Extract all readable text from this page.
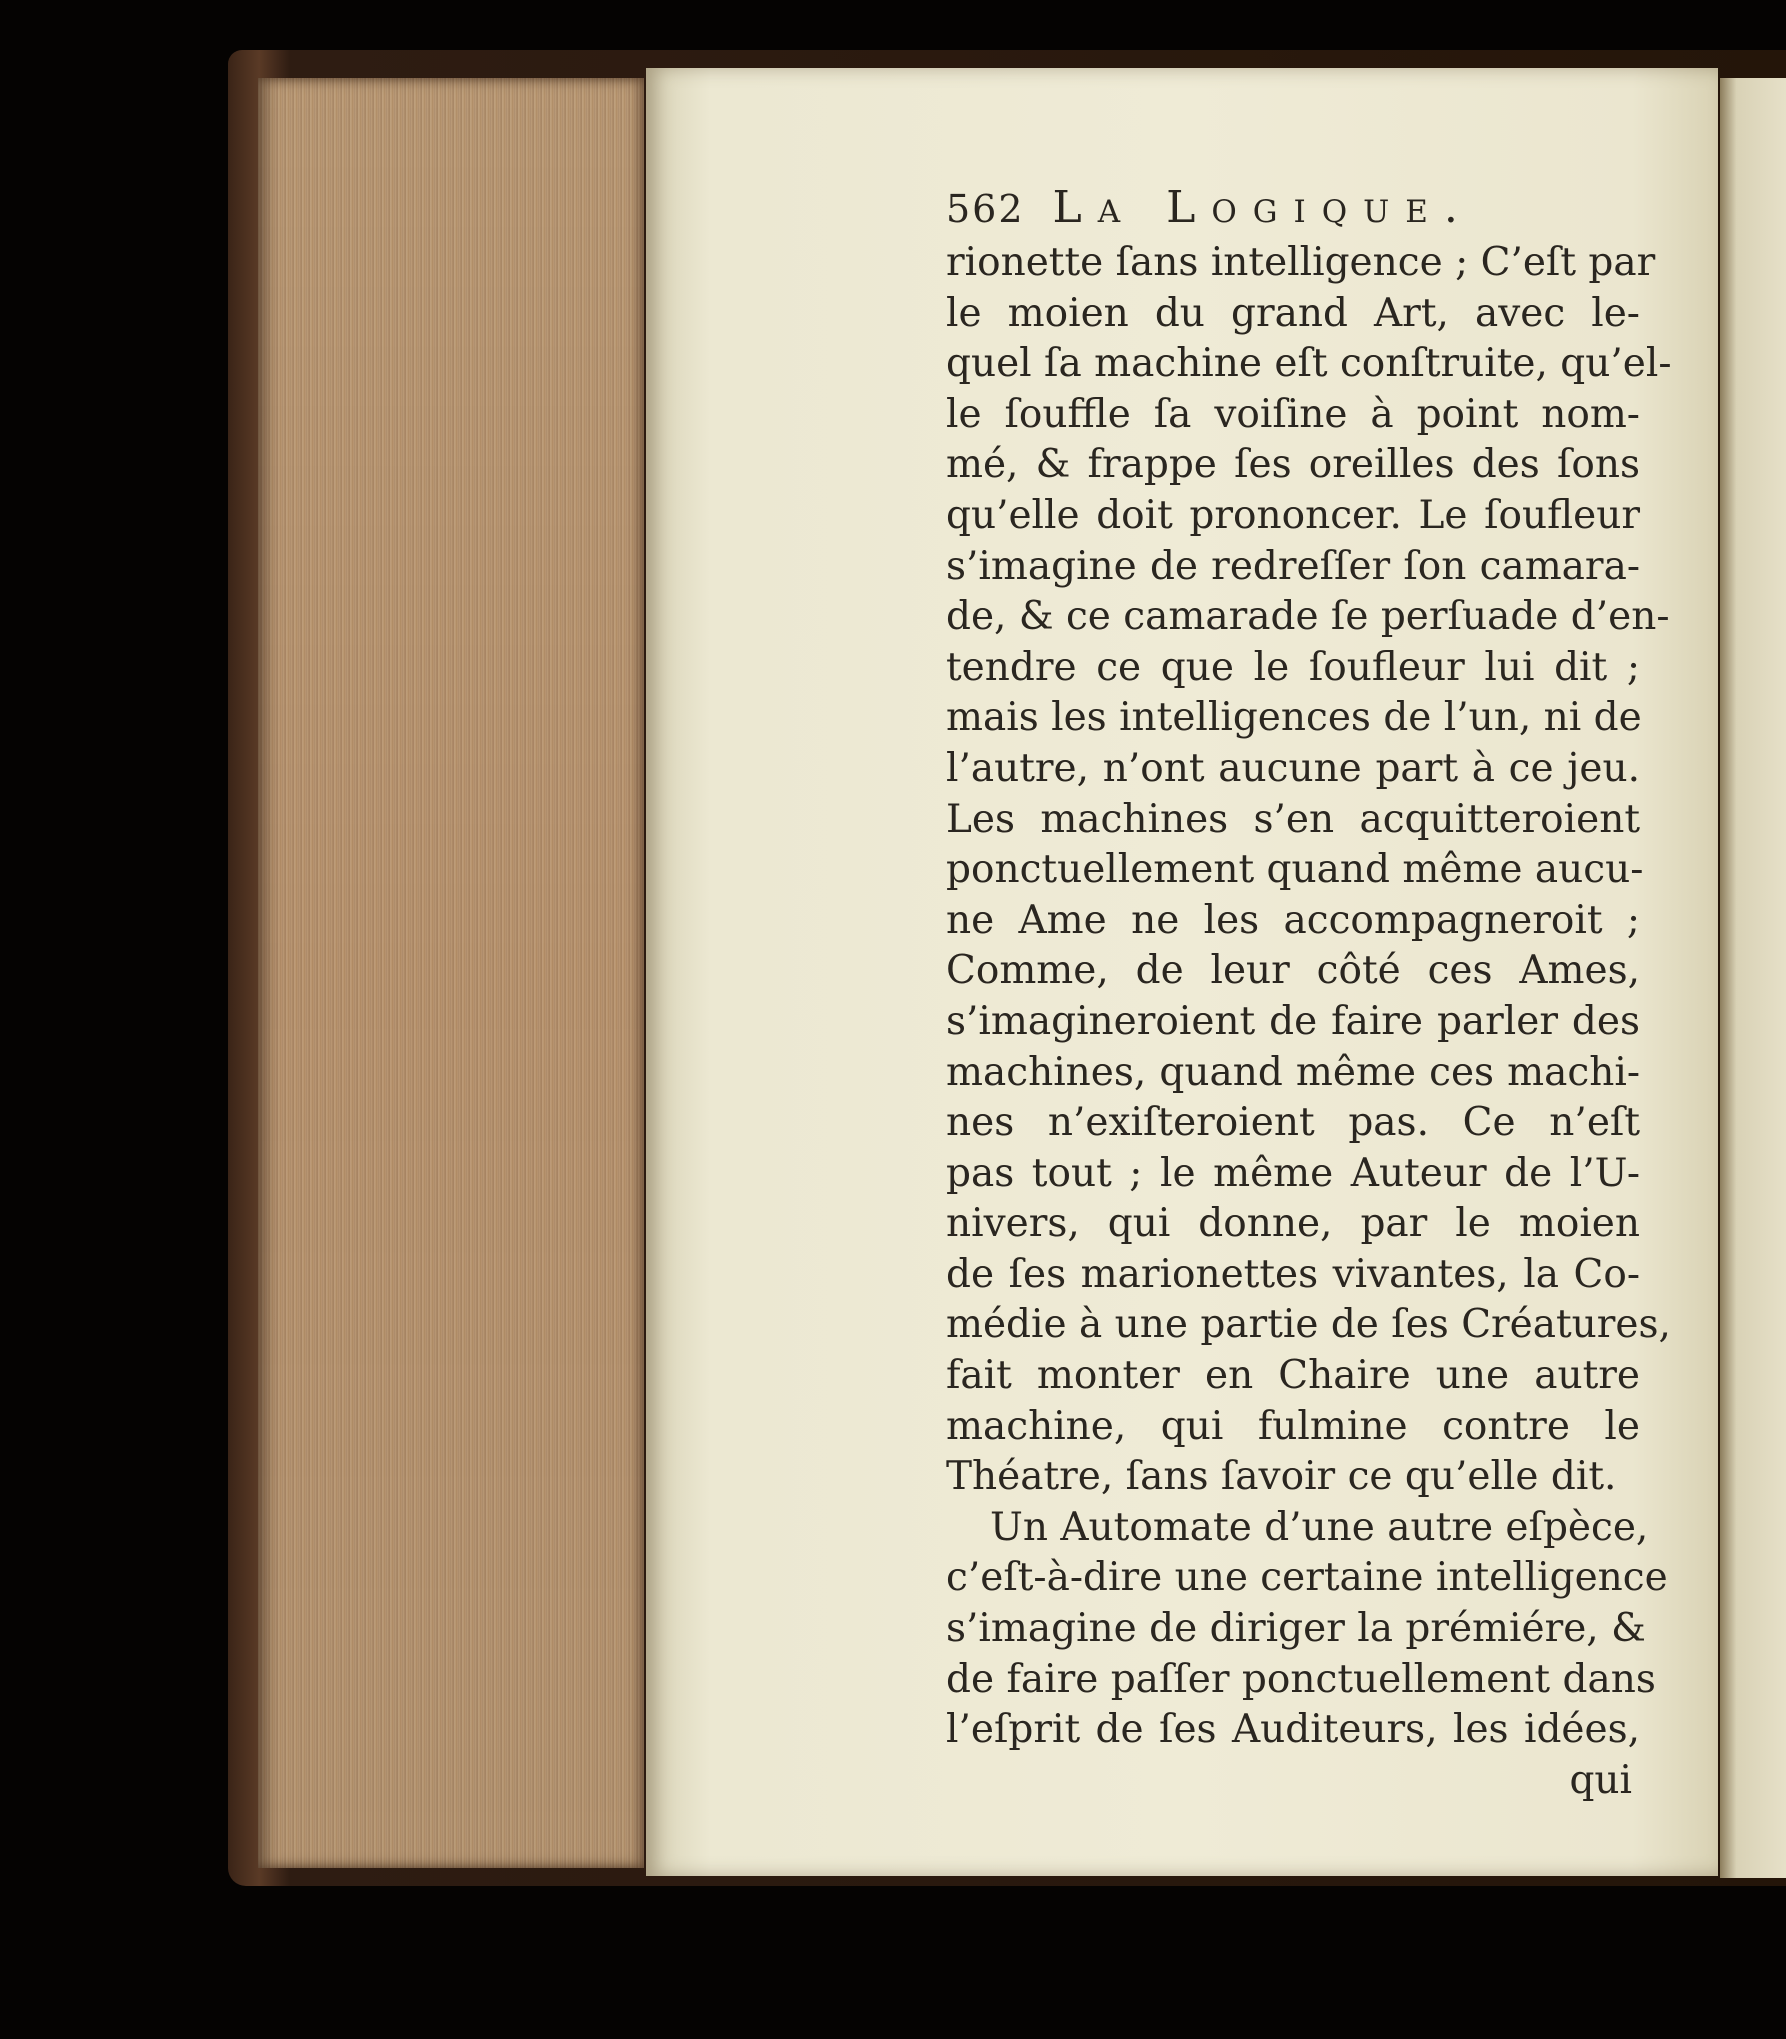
562 La Logique.
rionette ſans intelligence ; C’eſt par
le moien du grand Art, avec le-
quel ſa machine eſt conſtruite, qu’el-
le ſouffle ſa voiſine à point nom-
mé, & frappe ſes oreilles des ſons
qu’elle doit prononcer. Le ſoufleur
s’imagine de redreſſer ſon camara-
de, & ce camarade ſe perſuade d’en-
tendre ce que le ſoufleur lui dit ;
mais les intelligences de l’un, ni de
l’autre, n’ont aucune part à ce jeu.
Les machines s’en acquitteroient
ponctuellement quand même aucu-
ne Ame ne les accompagneroit ;
Comme, de leur côté ces Ames,
s’imagineroient de faire parler des
machines, quand même ces machi-
nes n’exiſteroient pas. Ce n’eſt
pas tout ; le même Auteur de l’U-
nivers, qui donne, par le moien
de ſes marionettes vivantes, la Co-
médie à une partie de ſes Créatures,
fait monter en Chaire une autre
machine, qui fulmine contre le
Théatre, ſans ſavoir ce qu’elle dit.
Un Automate d’une autre eſpèce,
c’eſt-à-dire une certaine intelligence
s’imagine de diriger la prémiére, &
de faire paſſer ponctuellement dans
l’eſprit de ſes Auditeurs, les idées,
qui
